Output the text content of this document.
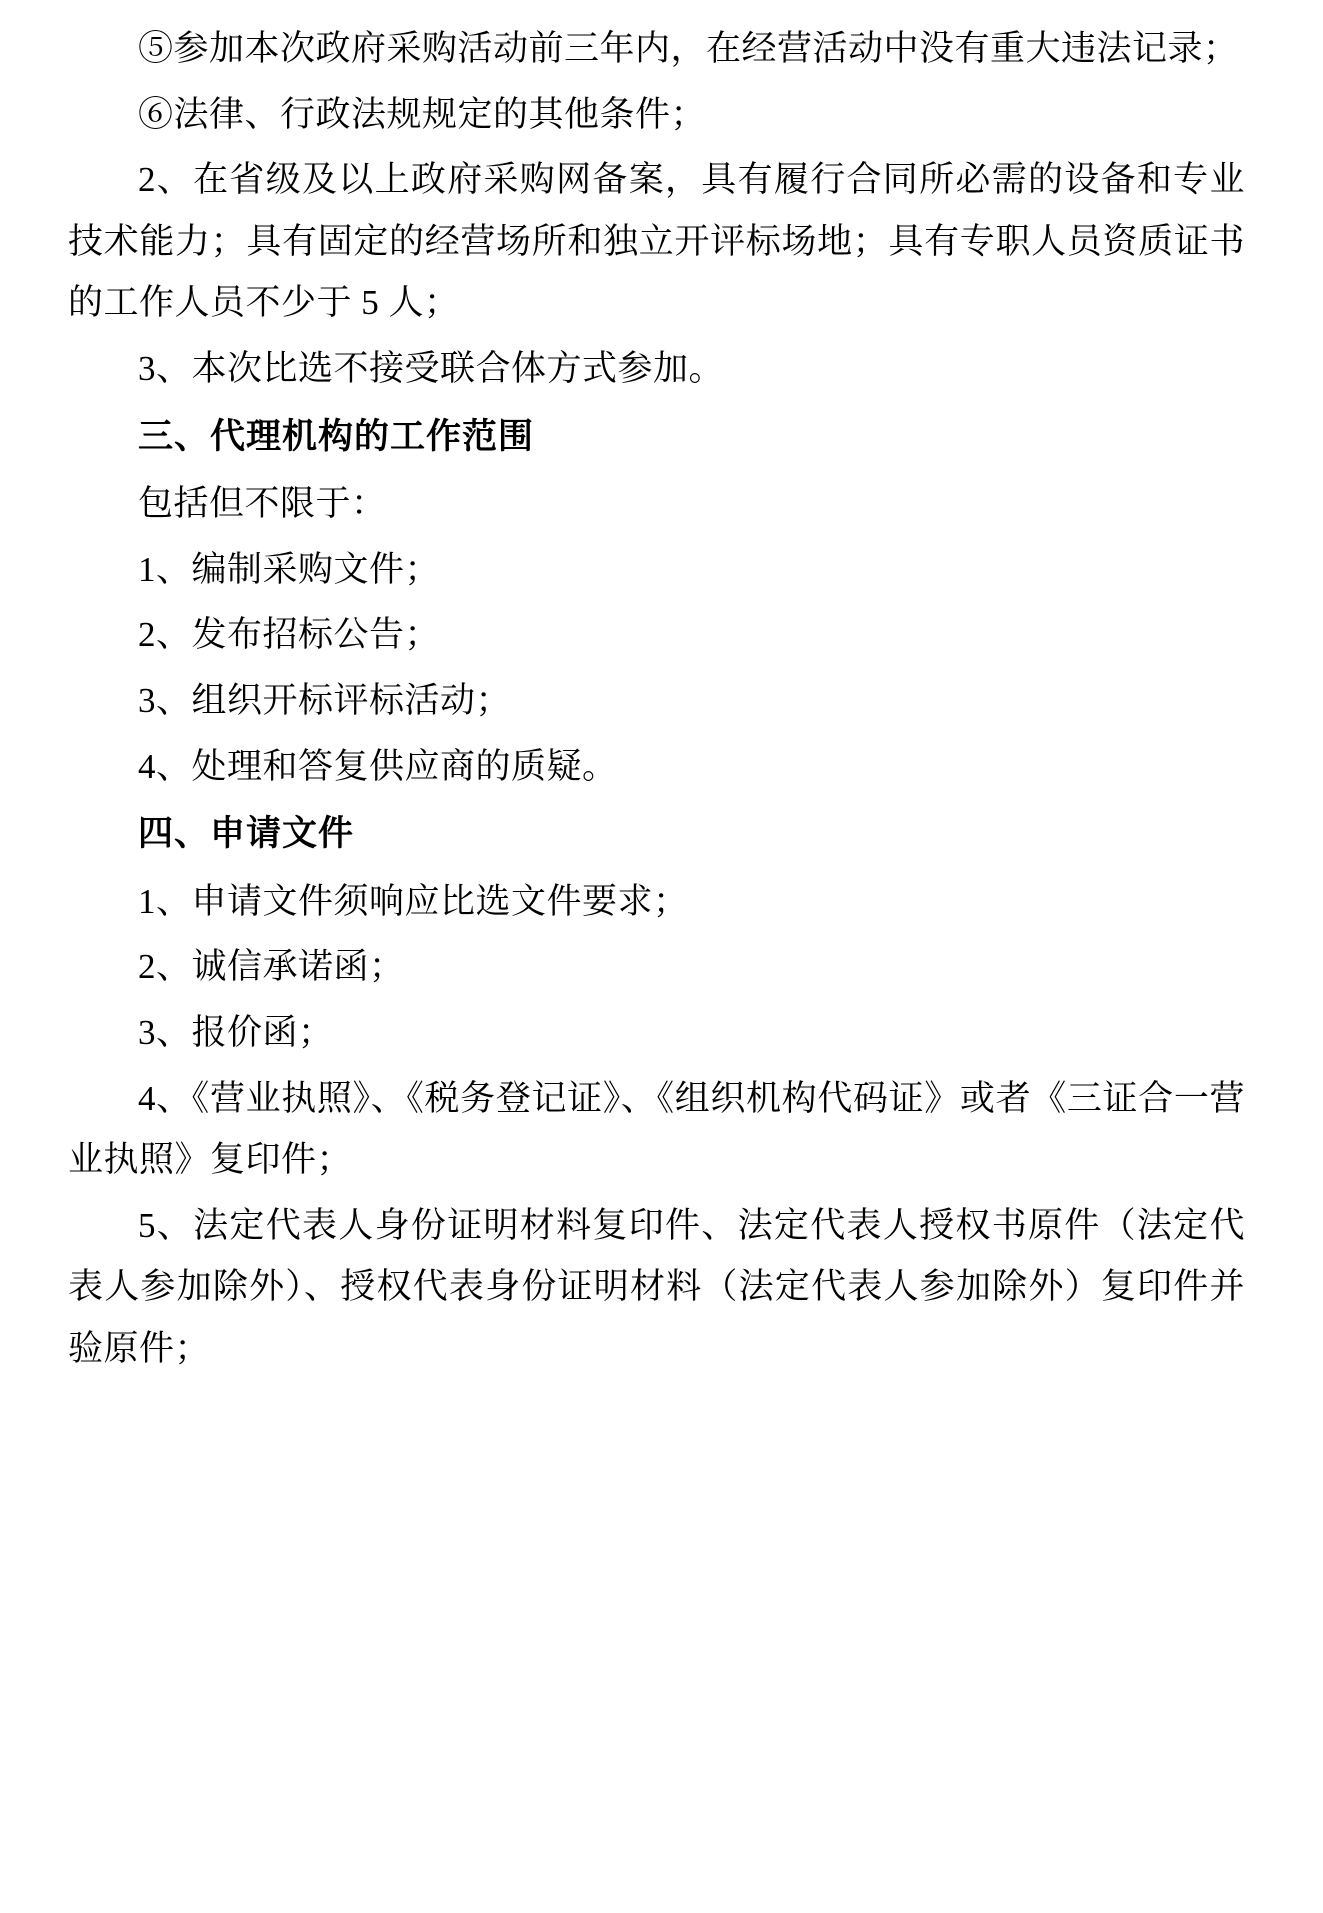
⑤参加本次政府采购活动前三年内，在经营活动中没有重大违法记录；

⑥法律、行政法规规定的其他条件；

2、在省级及以上政府采购网备案，具有履行合同所必需的设备和专业技术能力；具有固定的经营场所和独立开评标场地；具有专职人员资质证书的工作人员不少于 5 人；

3、本次比选不接受联合体方式参加。

三、代理机构的工作范围

包括但不限于：

1、编制采购文件；

2、发布招标公告；

3、组织开标评标活动；

4、处理和答复供应商的质疑。

四、申请文件

1、申请文件须响应比选文件要求；

2、诚信承诺函；

3、报价函；

4、《营业执照》、《税务登记证》、《组织机构代码证》或者《三证合一营业执照》复印件；

5、法定代表人身份证明材料复印件、法定代表人授权书原件（法定代表人参加除外）、授权代表身份证明材料（法定代表人参加除外）复印件并验原件；
